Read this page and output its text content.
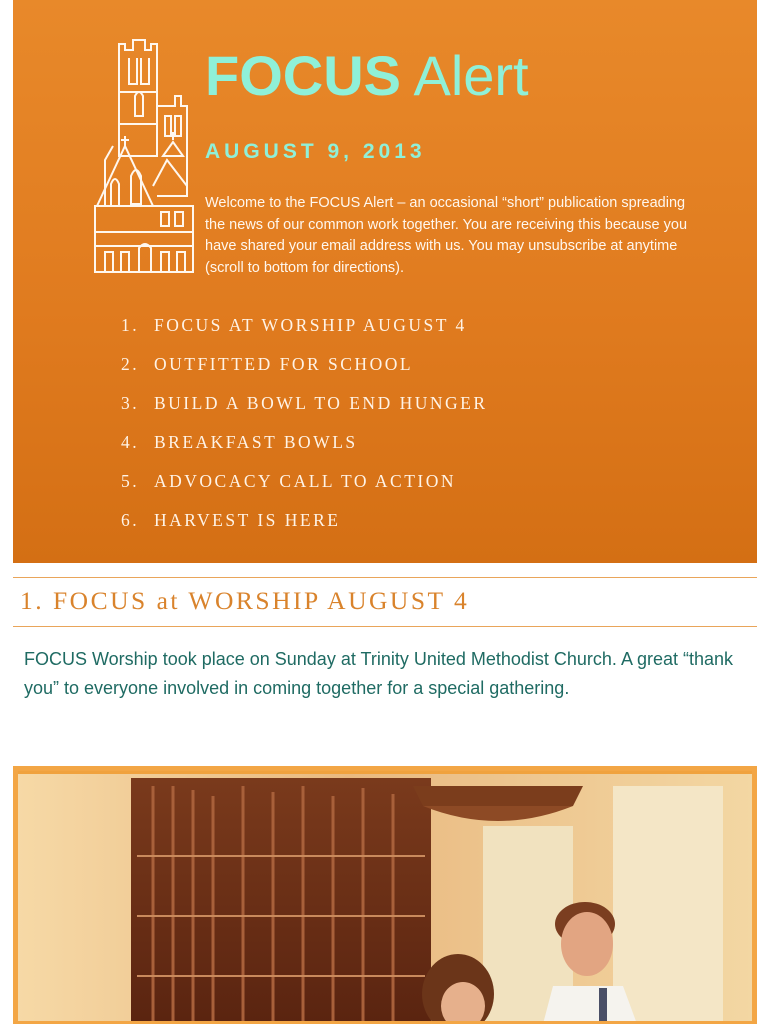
FOCUS Alert
AUGUST 9, 2013
Welcome to the FOCUS Alert – an occasional “short” publication spreading the news of our common work together. You are receiving this because you have shared your email address with us. You may unsubscribe at anytime (scroll to bottom for directions).
1. FOCUS AT WORSHIP AUGUST 4
2. OUTFITTED FOR SCHOOL
3. BUILD A BOWL TO END HUNGER
4. BREAKFAST BOWLS
5. ADVOCACY CALL TO ACTION
6. HARVEST IS HERE
1. FOCUS at WORSHIP AUGUST 4
FOCUS Worship took place on Sunday at Trinity United Methodist Church. A great “thank you” to everyone involved in coming together for a special gathering.
